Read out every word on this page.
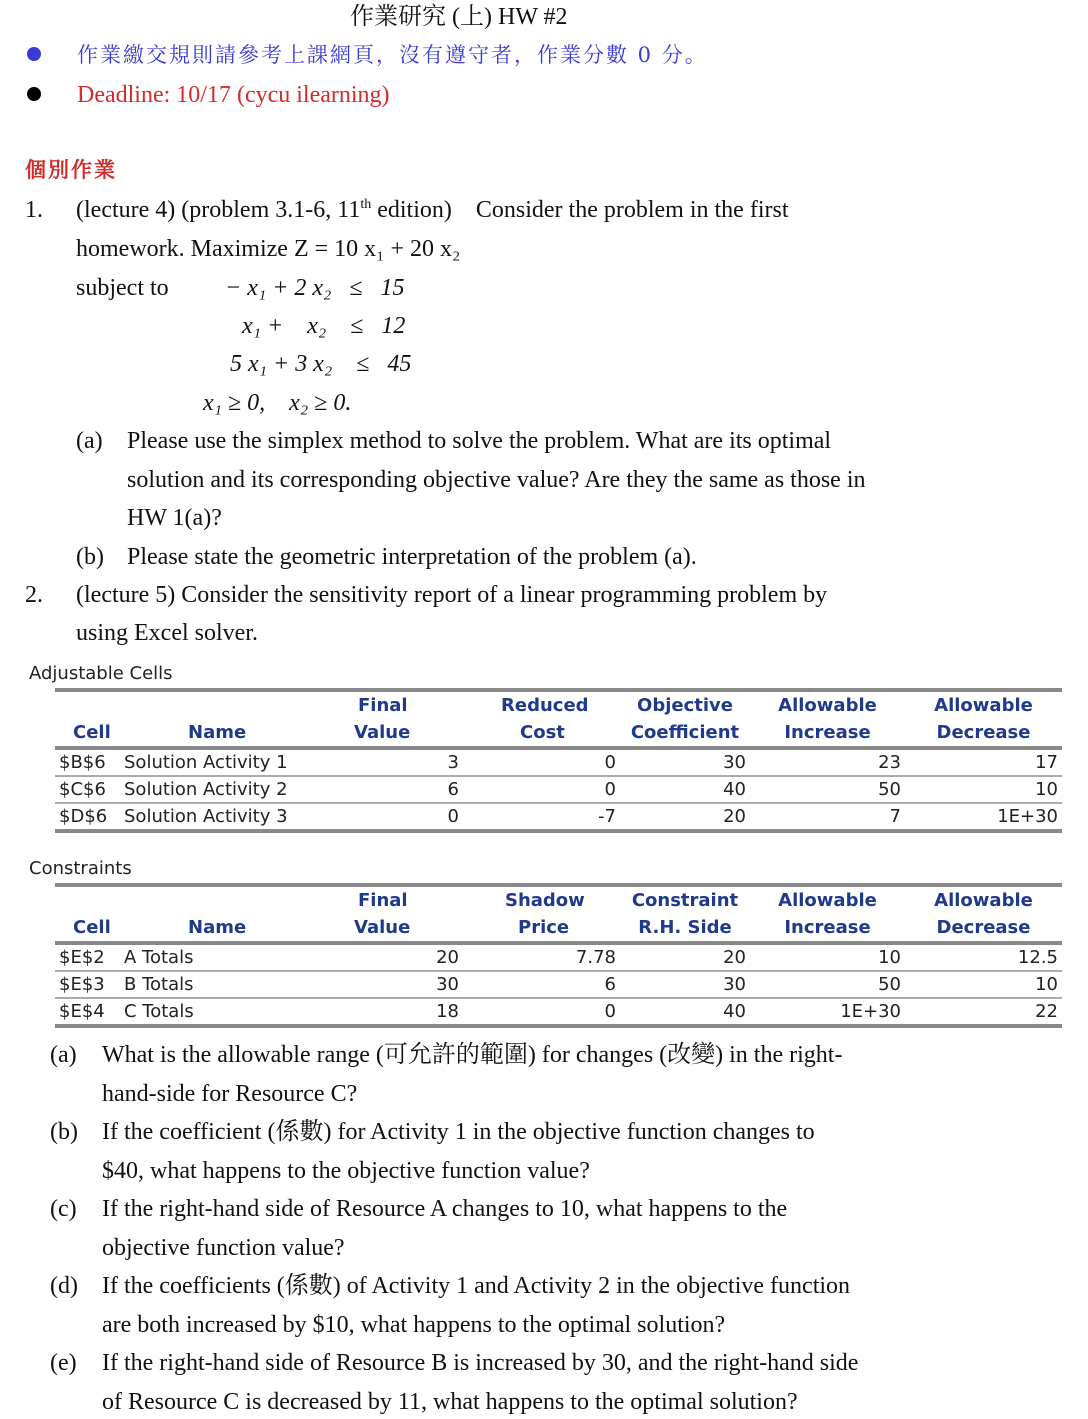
作業研究 (上) HW #2
作業繳交規則請參考上課網頁，沒有遵守者，作業分數 0 分。
Deadline: 10/17 (cycu ilearning)
個別作業
1. (lecture 4) (problem 3.1-6, 11th edition)    Consider the problem in the first
homework. Maximize Z = 10 x₁ + 20 x₂
subject to − x₁ + 2 x₂   ≤   15
x₁ +    x₂    ≤   12
5 x₁ + 3 x₂    ≤   45
x₁ ≥ 0,    x₂ ≥ 0.
(a) Please use the simplex method to solve the problem. What are its optimal
solution and its corresponding objective value? Are they the same as those in
HW 1(a)?
(b) Please state the geometric interpretation of the problem (a).
2. (lecture 5) Consider the sensitivity report of a linear programming problem by
using Excel solver.
Adjustable Cells
		Final	Reduced	Objective	Allowable	Allowable
Cell	Name	Value	Cost	Coefficient	Increase	Decrease
$B$6	Solution Activity 1	3	0	30	23	17
$C$6	Solution Activity 2	6	0	40	50	10
$D$6	Solution Activity 3	0	-7	20	7	1E+30
Constraints
		Final	Shadow	Constraint	Allowable	Allowable
Cell	Name	Value	Price	R.H. Side	Increase	Decrease
$E$2	A Totals	20	7.78	20	10	12.5
$E$3	B Totals	30	6	30	50	10
$E$4	C Totals	18	0	40	1E+30	22
(a) What is the allowable range (可允許的範圍) for changes (改變) in the right-
hand-side for Resource C?
(b) If the coefficient (係數) for Activity 1 in the objective function changes to
$40, what happens to the objective function value?
(c) If the right-hand side of Resource A changes to 10, what happens to the
objective function value?
(d) If the coefficients (係數) of Activity 1 and Activity 2 in the objective function
are both increased by $10, what happens to the optimal solution?
(e) If the right-hand side of Resource B is increased by 30, and the right-hand side
of Resource C is decreased by 11, what happens to the optimal solution?
